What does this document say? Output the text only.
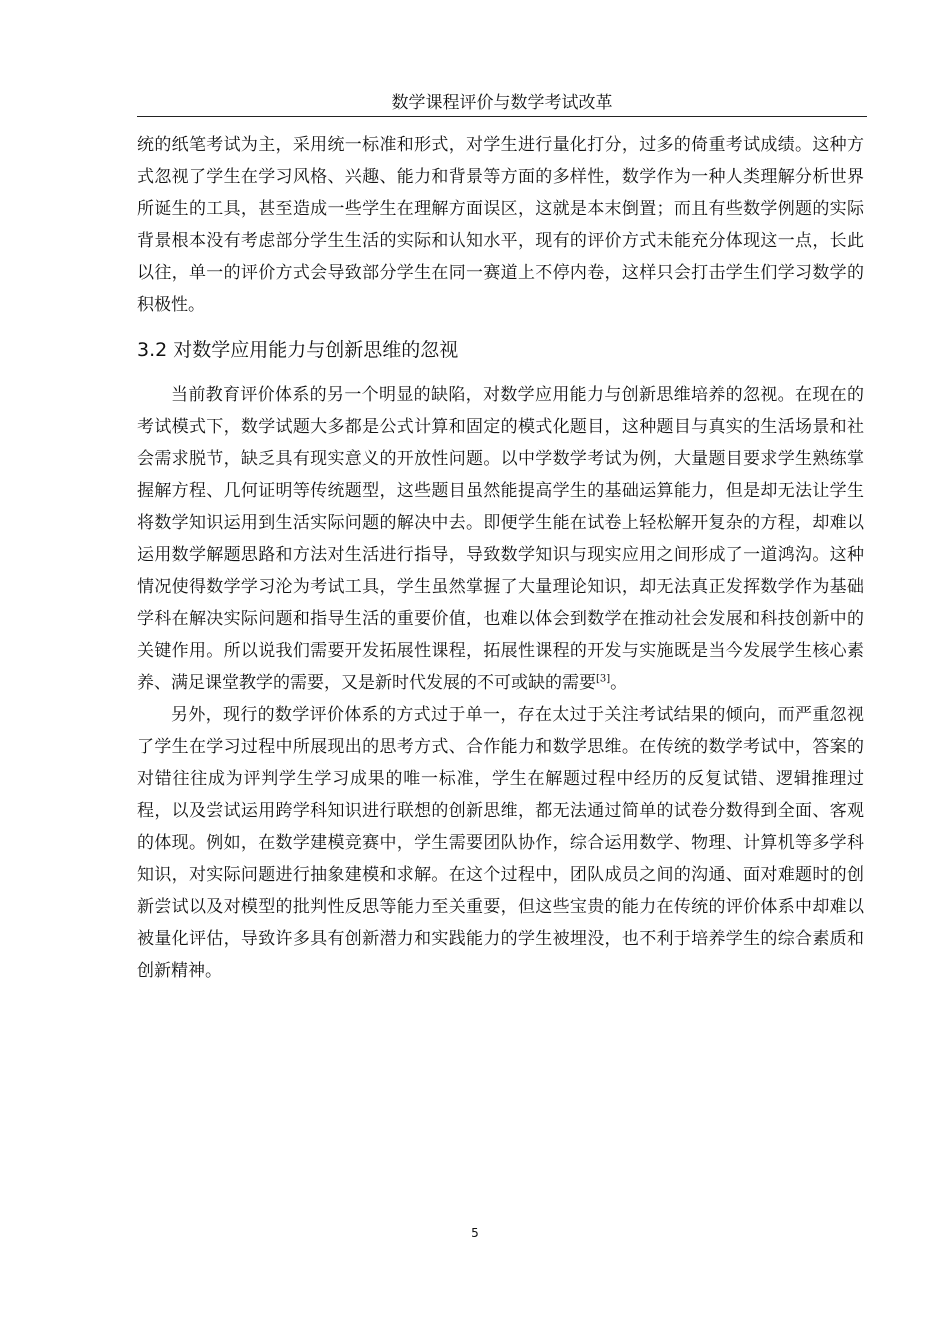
数学课程评价与数学考试改革

统的纸笔考试为主，采用统一标准和形式，对学生进行量化打分，过多的倚重考试成绩。这种方式忽视了学生在学习风格、兴趣、能力和背景等方面的多样性，数学作为一种人类理解分析世界所诞生的工具，甚至造成一些学生在理解方面误区，这就是本末倒置；而且有些数学例题的实际背景根本没有考虑部分学生生活的实际和认知水平，现有的评价方式未能充分体现这一点，长此以往，单一的评价方式会导致部分学生在同一赛道上不停内卷，这样只会打击学生们学习数学的积极性。

3.2 对数学应用能力与创新思维的忽视

当前教育评价体系的另一个明显的缺陷，对数学应用能力与创新思维培养的忽视。在现在的考试模式下，数学试题大多都是公式计算和固定的模式化题目，这种题目与真实的生活场景和社会需求脱节，缺乏具有现实意义的开放性问题。以中学数学考试为例，大量题目要求学生熟练掌握解方程、几何证明等传统题型，这些题目虽然能提高学生的基础运算能力，但是却无法让学生将数学知识运用到生活实际问题的解决中去。即便学生能在试卷上轻松解开复杂的方程，却难以运用数学解题思路和方法对生活进行指导，导致数学知识与现实应用之间形成了一道鸿沟。这种情况使得数学学习沦为考试工具，学生虽然掌握了大量理论知识，却无法真正发挥数学作为基础学科在解决实际问题和指导生活的重要价值，也难以体会到数学在推动社会发展和科技创新中的关键作用。所以说我们需要开发拓展性课程，拓展性课程的开发与实施既是当今发展学生核心素养、满足课堂教学的需要，又是新时代发展的不可或缺的需要[3]。

另外，现行的数学评价体系的方式过于单一，存在太过于关注考试结果的倾向，而严重忽视了学生在学习过程中所展现出的思考方式、合作能力和数学思维。在传统的数学考试中，答案的对错往往成为评判学生学习成果的唯一标准，学生在解题过程中经历的反复试错、逻辑推理过程，以及尝试运用跨学科知识进行联想的创新思维，都无法通过简单的试卷分数得到全面、客观的体现。例如，在数学建模竞赛中，学生需要团队协作，综合运用数学、物理、计算机等多学科知识，对实际问题进行抽象建模和求解。在这个过程中，团队成员之间的沟通、面对难题时的创新尝试以及对模型的批判性反思等能力至关重要，但这些宝贵的能力在传统的评价体系中却难以被量化评估，导致许多具有创新潜力和实践能力的学生被埋没，也不利于培养学生的综合素质和创新精神。

5
